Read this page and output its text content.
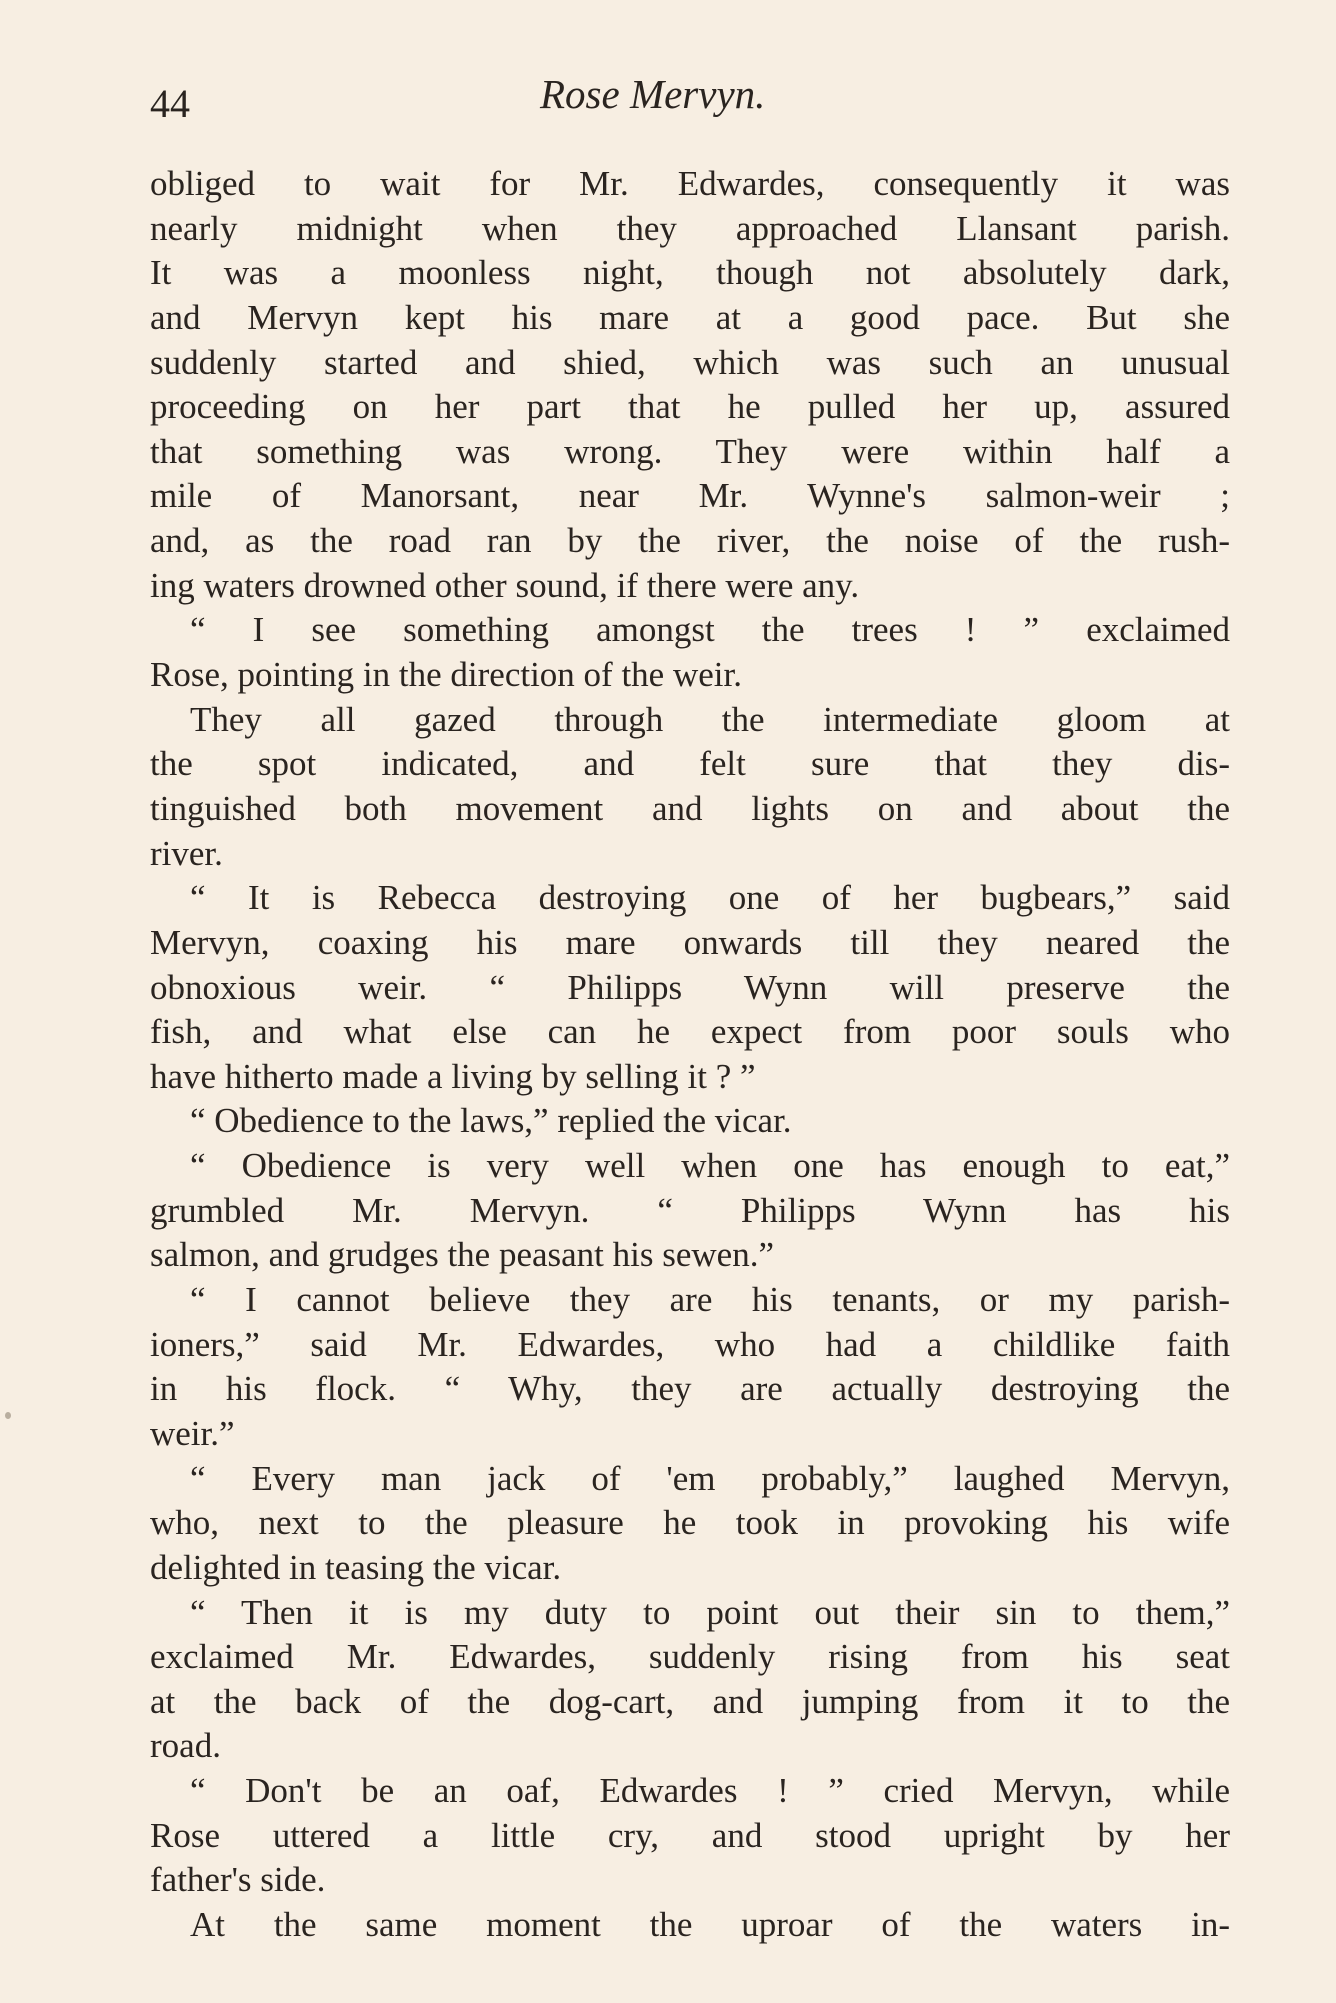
44	Rose Mervyn.
obliged to wait for Mr. Edwardes, consequently it was
nearly midnight when they approached Llansant parish.
It was a moonless night, though not absolutely dark,
and Mervyn kept his mare at a good pace. But she
suddenly started and shied, which was such an unusual
proceeding on her part that he pulled her up, assured
that something was wrong. They were within half a
mile of Manorsant, near Mr. Wynne's salmon-weir ;
and, as the road ran by the river, the noise of the rush-
ing waters drowned other sound, if there were any.
“ I see something amongst the trees ! ” exclaimed
Rose, pointing in the direction of the weir.
They all gazed through the intermediate gloom at
the spot indicated, and felt sure that they dis-
tinguished both movement and lights on and about the
river.
“ It is Rebecca destroying one of her bugbears,” said
Mervyn, coaxing his mare onwards till they neared the
obnoxious weir. “ Philipps Wynn will preserve the
fish, and what else can he expect from poor souls who
have hitherto made a living by selling it ? ”
“ Obedience to the laws,” replied the vicar.
“ Obedience is very well when one has enough to eat,”
grumbled Mr. Mervyn. “ Philipps Wynn has his
salmon, and grudges the peasant his sewen.”
“ I cannot believe they are his tenants, or my parish-
ioners,” said Mr. Edwardes, who had a childlike faith
in his flock. “ Why, they are actually destroying the
weir.”
“ Every man jack of 'em probably,” laughed Mervyn,
who, next to the pleasure he took in provoking his wife
delighted in teasing the vicar.
“ Then it is my duty to point out their sin to them,”
exclaimed Mr. Edwardes, suddenly rising from his seat
at the back of the dog-cart, and jumping from it to the
road.
“ Don't be an oaf, Edwardes ! ” cried Mervyn, while
Rose uttered a little cry, and stood upright by her
father's side.
At the same moment the uproar of the waters in-
